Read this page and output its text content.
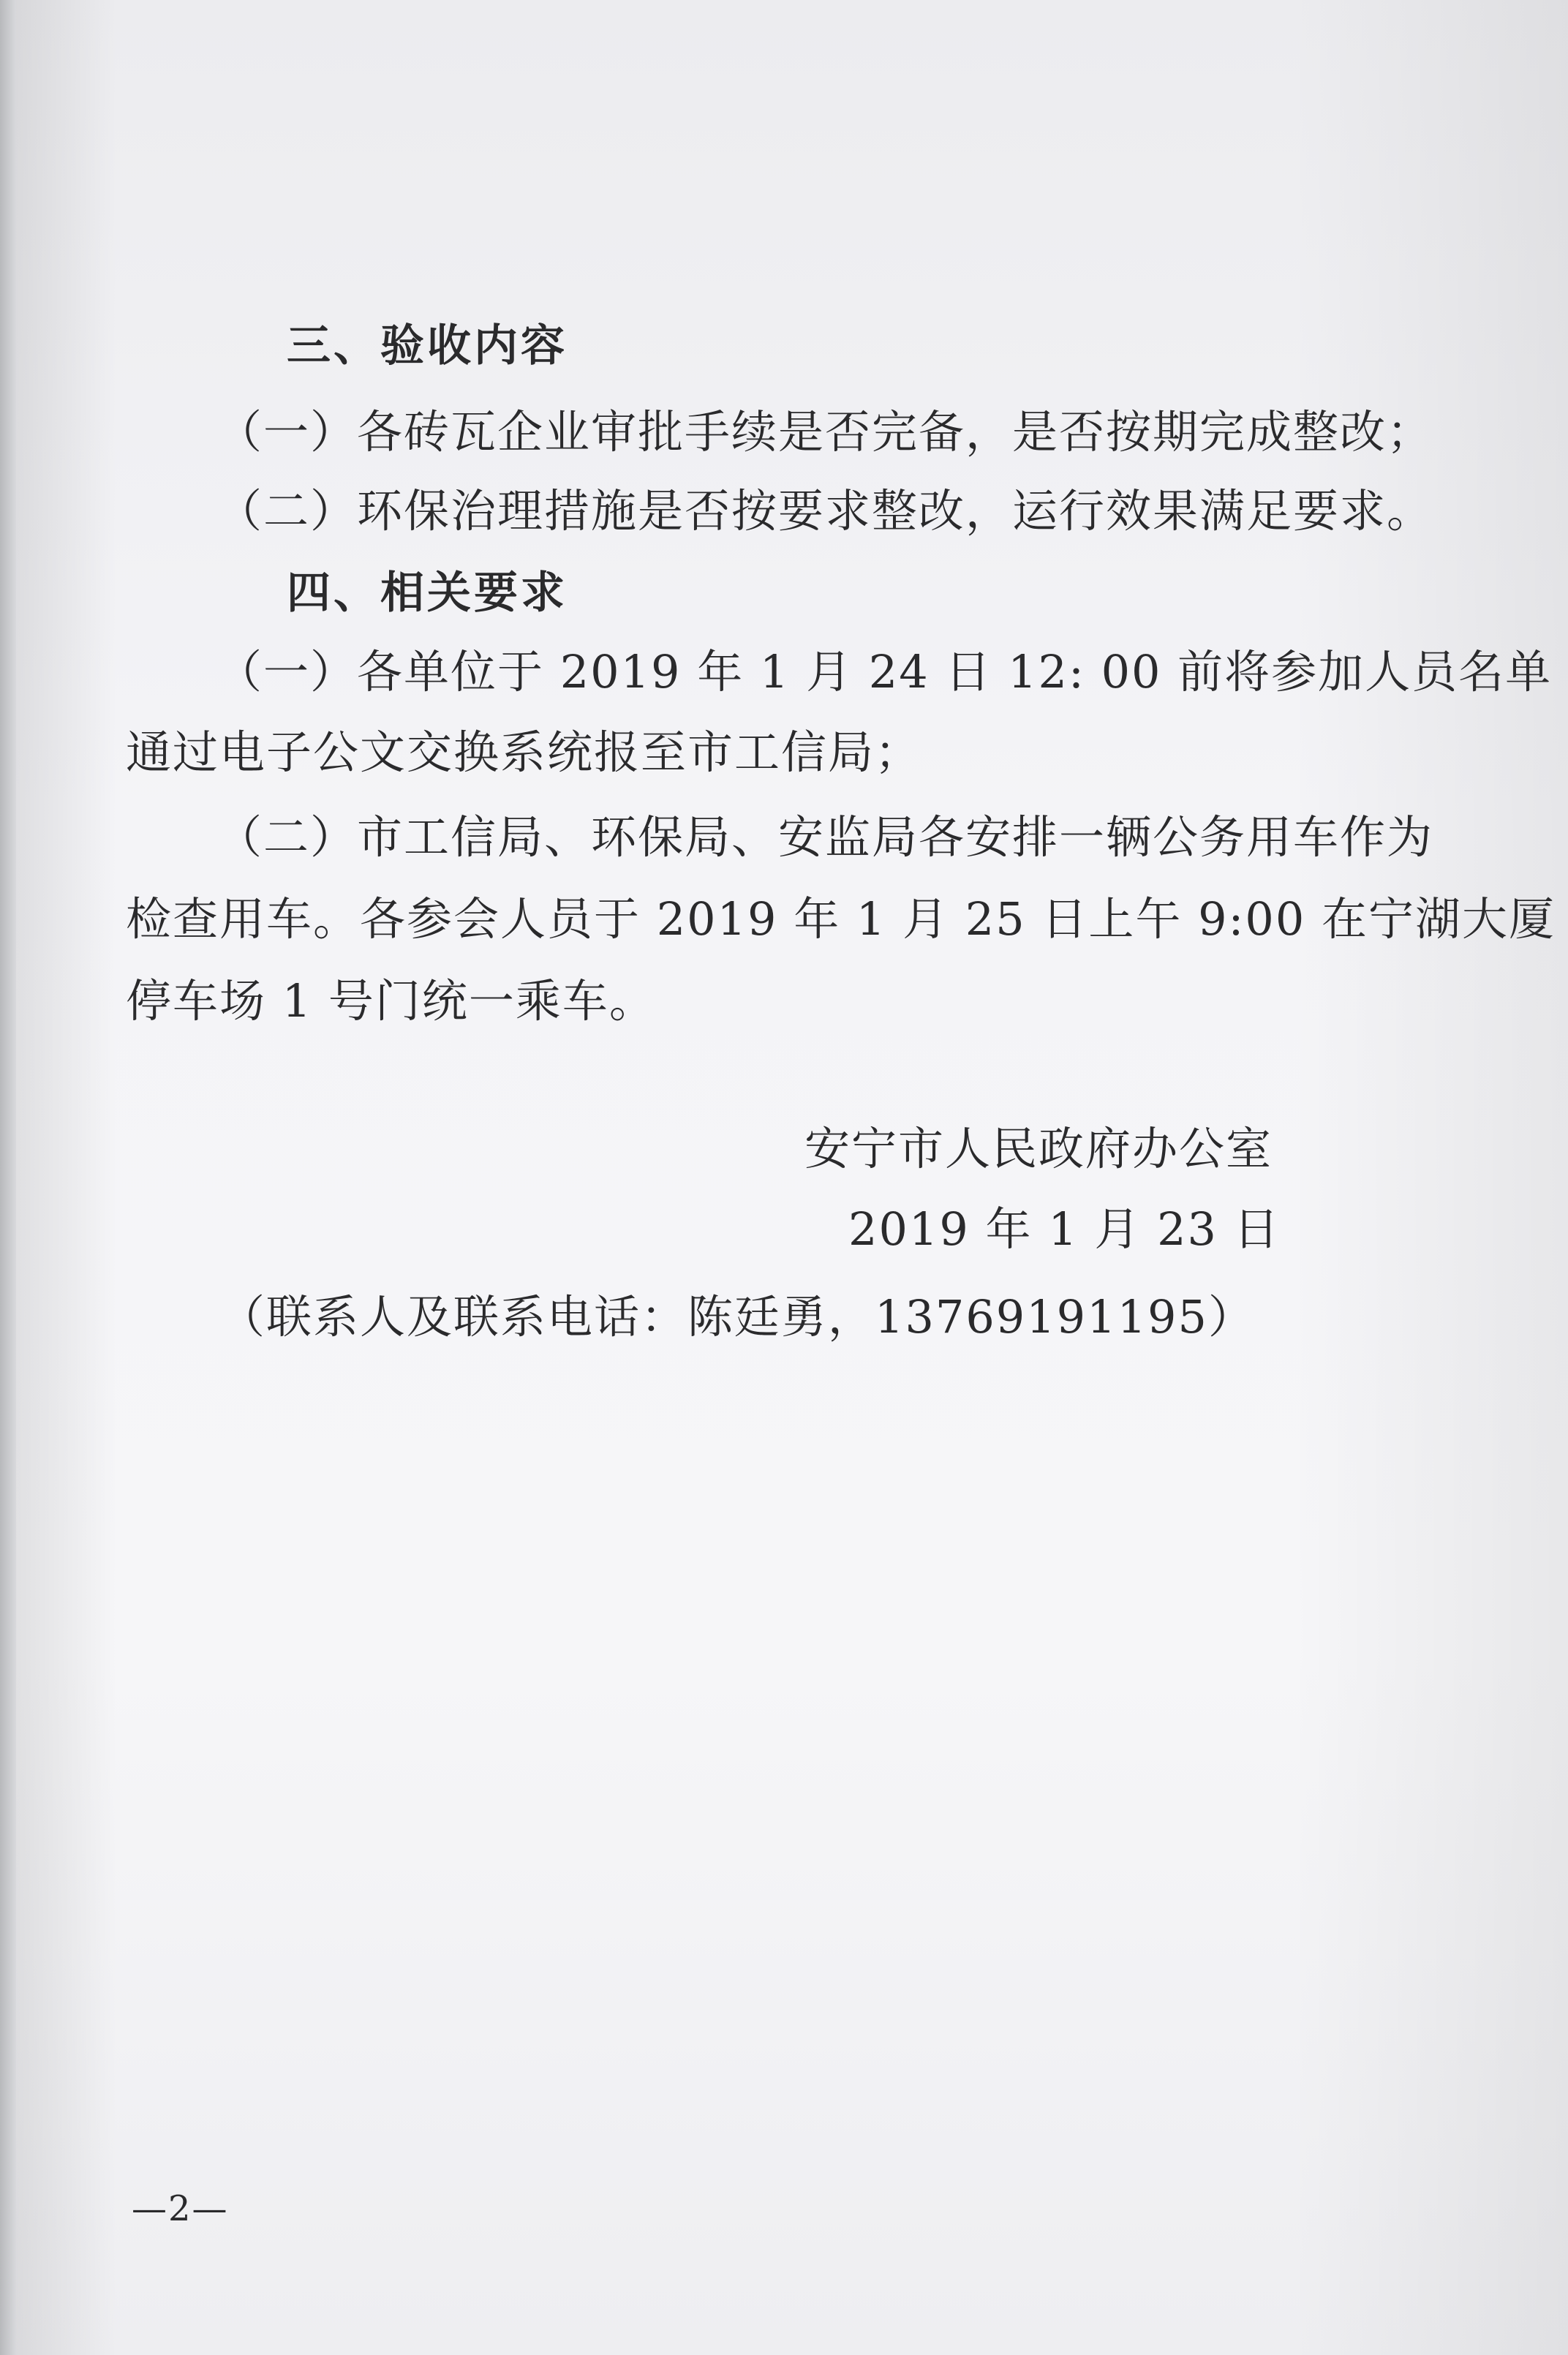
三、验收内容
（一）各砖瓦企业审批手续是否完备，是否按期完成整改；
（二）环保治理措施是否按要求整改，运行效果满足要求。
四、相关要求
（一）各单位于 2019 年 1 月 24 日 12: 00 前将参加人员名单
通过电子公文交换系统报至市工信局；
（二）市工信局、环保局、安监局各安排一辆公务用车作为
检查用车。各参会人员于 2019 年 1 月 25 日上午 9:00 在宁湖大厦
停车场 1 号门统一乘车。
安宁市人民政府办公室
2019 年 1 月 23 日
（联系人及联系电话：陈廷勇，13769191195）
—2—
